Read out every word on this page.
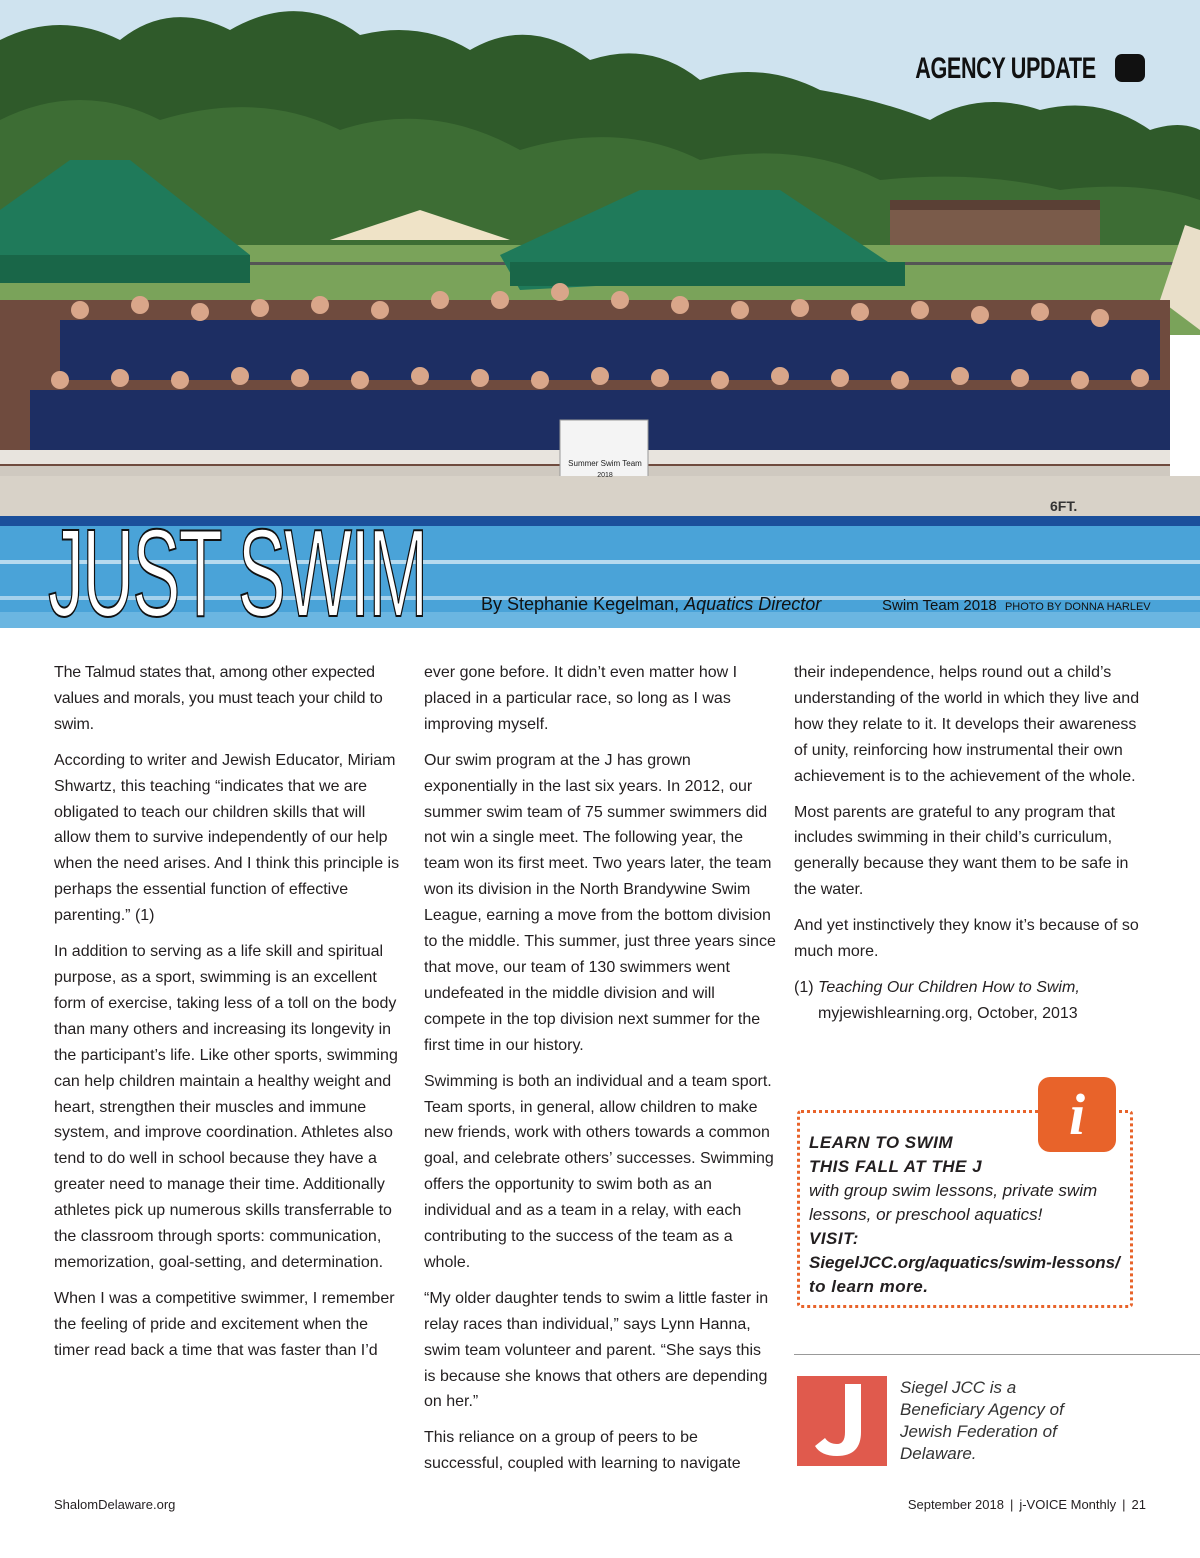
Summer Swim Team
2018
6FT.
AGENCY UPDATE
JUST SWIM	By Stephanie Kegelman, Aquatics Director	Swim Team 2018 PHOTO BY DONNA HARLEV

The Talmud states that, among other expected values and morals, you must teach your child to swim.

According to writer and Jewish Educator, Miriam Shwartz, this teaching “indicates that we are obligated to teach our children skills that will allow them to survive independently of our help when the need arises. And I think this principle is perhaps the essential function of effective parenting.” (1)

In addition to serving as a life skill and spiritual purpose, as a sport, swimming is an excellent form of exercise, taking less of a toll on the body than many others and increasing its longevity in the participant’s life. Like other sports, swimming can help children maintain a healthy weight and heart, strengthen their muscles and immune system, and improve coordination. Athletes also tend to do well in school because they have a greater need to manage their time. Additionally athletes pick up numerous skills transferrable to the classroom through sports: communication, memorization, goal-setting, and determination.

When I was a competitive swimmer, I remember the feeling of pride and excitement when the timer read back a time that was faster than I’d

ever gone before. It didn’t even matter how I placed in a particular race, so long as I was improving myself.

Our swim program at the J has grown exponentially in the last six years. In 2012, our summer swim team of 75 summer swimmers did not win a single meet. The following year, the team won its first meet. Two years later, the team won its division in the North Brandywine Swim League, earning a move from the bottom division to the middle. This summer, just three years since that move, our team of 130 swimmers went undefeated in the middle division and will compete in the top division next summer for the first time in our history.

Swimming is both an individual and a team sport. Team sports, in general, allow children to make new friends, work with others towards a common goal, and celebrate others’ successes. Swimming offers the opportunity to swim both as an individual and as a team in a relay, with each contributing to the success of the team as a whole.

“My older daughter tends to swim a little faster in relay races than individual,” says Lynn Hanna, swim team volunteer and parent. “She says this is because she knows that others are depending on her.”

This reliance on a group of peers to be successful, coupled with learning to navigate

their independence, helps round out a child’s understanding of the world in which they live and how they relate to it. It develops their awareness of unity, reinforcing how instrumental their own achievement is to the achievement of the whole.

Most parents are grateful to any program that includes swimming in their child’s curriculum, generally because they want them to be safe in the water.

And yet instinctively they know it’s because of so much more.

(1) Teaching Our Children How to Swim,
myjewishlearning.org, October, 2013

i
LEARN TO SWIM
THIS FALL AT THE J
with group swim lessons, private swim lessons, or preschool aquatics!
VISIT:
SiegelJCC.org/aquatics/swim-lessons/
to learn more.
Siegel JCC is a Beneficiary Agency of Jewish Federation of Delaware.
ShalomDelaware.org	September 2018 | j-VOICE Monthly | 21
